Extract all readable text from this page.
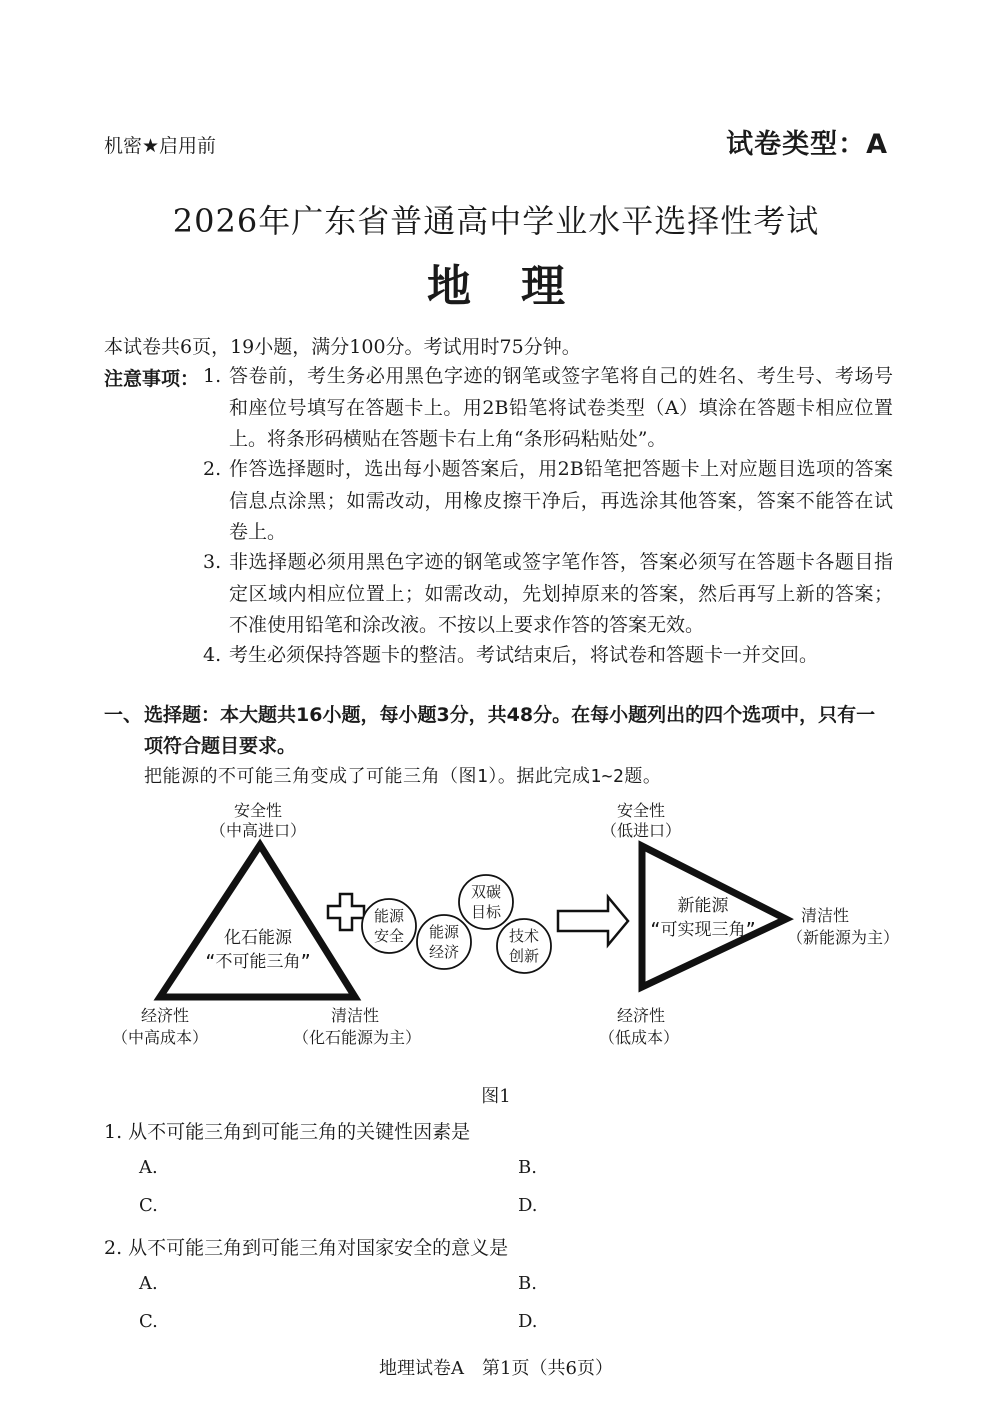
机密★启用前	试卷类型：A
2026年广东省普通高中学业水平选择性考试
地理
本试卷共6页，19小题，满分100分。考试用时75分钟。
注意事项： 1. 答卷前，考生务必用黑色字迹的钢笔或签字笔将自己的姓名、考生号、考场号和座位号填写在答题卡上。用2B铅笔将试卷类型（A）填涂在答题卡相应位置上。将条形码横贴在答题卡右上角“条形码粘贴处”。
2. 作答选择题时，选出每小题答案后，用2B铅笔把答题卡上对应题目选项的答案信息点涂黑；如需改动，用橡皮擦干净后，再选涂其他答案，答案不能答在试卷上。
3. 非选择题必须用黑色字迹的钢笔或签字笔作答，答案必须写在答题卡各题目指定区域内相应位置上；如需改动，先划掉原来的答案，然后再写上新的答案；不准使用铅笔和涂改液。不按以上要求作答的答案无效。
4. 考生必须保持答题卡的整洁。考试结束后，将试卷和答题卡一并交回。
一、 选择题：本大题共16小题，每小题3分，共48分。在每小题列出的四个选项中，只有一项符合题目要求。
把能源的不可能三角变成了可能三角（图1）。据此完成1~2题。
安全性
（中高进口）
化石能源
“不可能三角”
经济性
（中高成本）
清洁性
（化石能源为主）
能源
安全 能源
经济
双碳
目标
技术
创新
安全性
（低进口）
新能源
“可实现三角”
清洁性
（新能源为主）
经济性
（低成本）
图1
1. 从不可能三角到可能三角的关键性因素是
A.	B.
C.	D.
2. 从不可能三角到可能三角对国家安全的意义是
A.	B.
C.	D.
地理试卷A　第1页（共6页）
